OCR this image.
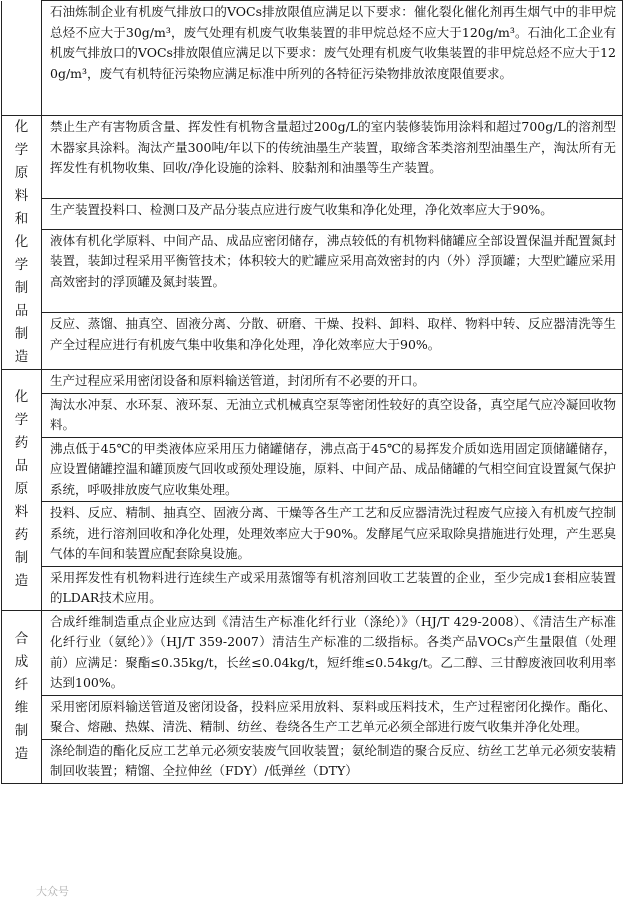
	石油炼制企业有机废气排放口的VOCs排放限值应满足以下要求：催化裂化催化剂再生烟气中的非甲烷总烃不应大于30g/m³，废气处理有机废气收集装置的非甲烷总烃不应大于120g/m³。石油化工企业有机废气排放口的VOCs排放限值应满足以下要求：废气处理有机废气收集装置的非甲烷总烃不应大于120g/m³，废气有机特征污染物应满足标准中所列的各特征污染物排放浓度限值要求。
化学原料和化学制品制造	禁止生产有害物质含量、挥发性有机物含量超过200g/L的室内装修装饰用涂料和超过700g/L的溶剂型木器家具涂料。淘汰产量300吨/年以下的传统油墨生产装置，取缔含苯类溶剂型油墨生产，淘汰所有无挥发性有机物收集、回收/净化设施的涂料、胶黏剂和油墨等生产装置。
	生产装置投料口、检测口及产品分装点应进行废气收集和净化处理，净化效率应大于90%。
	液体有机化学原料、中间产品、成品应密闭储存，沸点较低的有机物料储罐应全部设置保温并配置氮封装置，装卸过程采用平衡管技术；体积较大的贮罐应采用高效密封的内（外）浮顶罐；大型贮罐应采用高效密封的浮顶罐及氮封装置。
	反应、蒸馏、抽真空、固液分离、分散、研磨、干燥、投料、卸料、取样、物料中转、反应器清洗等生产全过程应进行有机废气集中收集和净化处理，净化效率应大于90%。
化学药品原料药制造	生产过程应采用密闭设备和原料输送管道，封闭所有不必要的开口。
	淘汰水冲泵、水环泵、液环泵、无油立式机械真空泵等密闭性较好的真空设备，真空尾气应冷凝回收物料。
	沸点低于45℃的甲类液体应采用压力储罐储存，沸点高于45℃的易挥发介质如选用固定顶储罐储存，应设置储罐控温和罐顶废气回收或预处理设施，原料、中间产品、成品储罐的气相空间宜设置氮气保护系统，呼吸排放废气应收集处理。
	投料、反应、精制、抽真空、固液分离、干燥等各生产工艺和反应器清洗过程废气应接入有机废气控制系统，进行溶剂回收和净化处理，处理效率应大于90%。发酵尾气应采取除臭措施进行处理，产生恶臭气体的车间和装置应配套除臭设施。
	采用挥发性有机物料进行连续生产或采用蒸馏等有机溶剂回收工艺装置的企业，至少完成1套相应装置的LDAR技术应用。
合成纤维制造	合成纤维制造重点企业应达到《清洁生产标准化纤行业（涤纶）》（HJ/T 429-2008）、《清洁生产标准 化纤行业（氨纶）》（HJ/T 359-2007）清洁生产标准的二级指标。各类产品VOCs产生量限值（处理前）应满足：聚酯≤0.35kg/t，长丝≤0.04kg/t，短纤维≤0.54kg/t。乙二醇、三甘醇废液回收利用率达到100%。
	采用密闭原料输送管道及密闭设备，投料应采用放料、泵料或压料技术，生产过程密闭化操作。酯化、聚合、熔融、热媒、清洗、精制、纺丝、卷绕各生产工艺单元必须全部进行废气收集并净化处理。
	涤纶制造的酯化反应工艺单元必须安装废气回收装置；氨纶制造的聚合反应、纺丝工艺单元必须安装精制回收装置；精馏、全拉伸丝（FDY）/低弹丝（DTY）
大众号
